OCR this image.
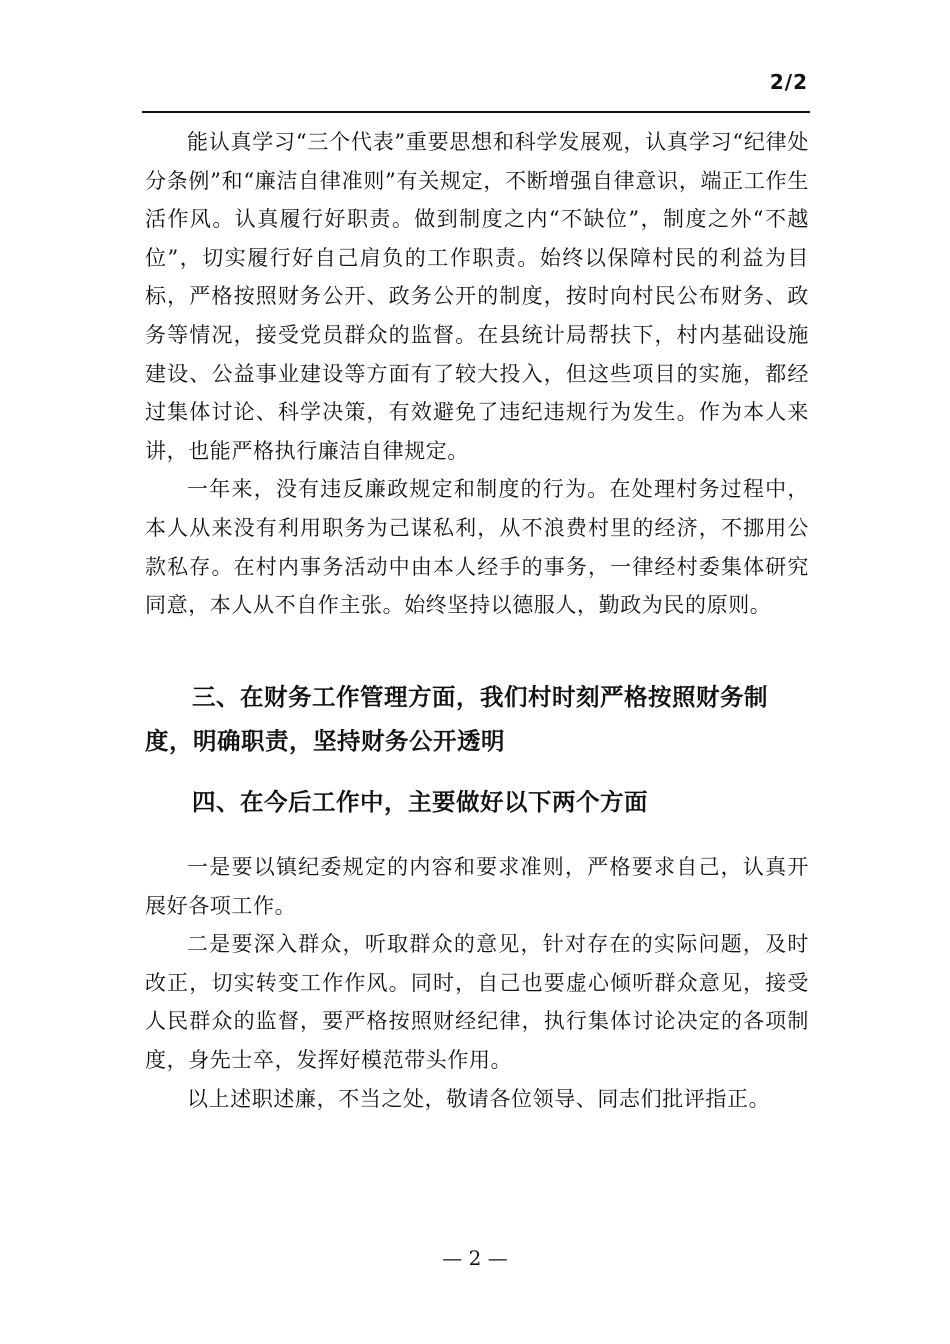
2/2

能认真学习“三个代表”重要思想和科学发展观，认真学习“纪律处分条例”和“廉洁自律准则”有关规定，不断增强自律意识，端正工作生活作风。认真履行好职责。做到制度之内“不缺位”，制度之外“不越位”，切实履行好自己肩负的工作职责。始终以保障村民的利益为目标，严格按照财务公开、政务公开的制度，按时向村民公布财务、政务等情况，接受党员群众的监督。在县统计局帮扶下，村内基础设施建设、公益事业建设等方面有了较大投入，但这些项目的实施，都经过集体讨论、科学决策，有效避免了违纪违规行为发生。作为本人来讲，也能严格执行廉洁自律规定。

一年来，没有违反廉政规定和制度的行为。在处理村务过程中，本人从来没有利用职务为己谋私利，从不浪费村里的经济，不挪用公款私存。在村内事务活动中由本人经手的事务，一律经村委集体研究同意，本人从不自作主张。始终坚持以德服人，勤政为民的原则。

三、在财务工作管理方面，我们村时刻严格按照财务制度，明确职责，坚持财务公开透明
四、在今后工作中，主要做好以下两个方面

一是要以镇纪委规定的内容和要求准则，严格要求自己，认真开展好各项工作。

二是要深入群众，听取群众的意见，针对存在的实际问题，及时改正，切实转变工作作风。同时，自己也要虚心倾听群众意见，接受人民群众的监督，要严格按照财经纪律，执行集体讨论决定的各项制度，身先士卒，发挥好模范带头作用。

以上述职述廉，不当之处，敬请各位领导、同志们批评指正。

— 2 —
